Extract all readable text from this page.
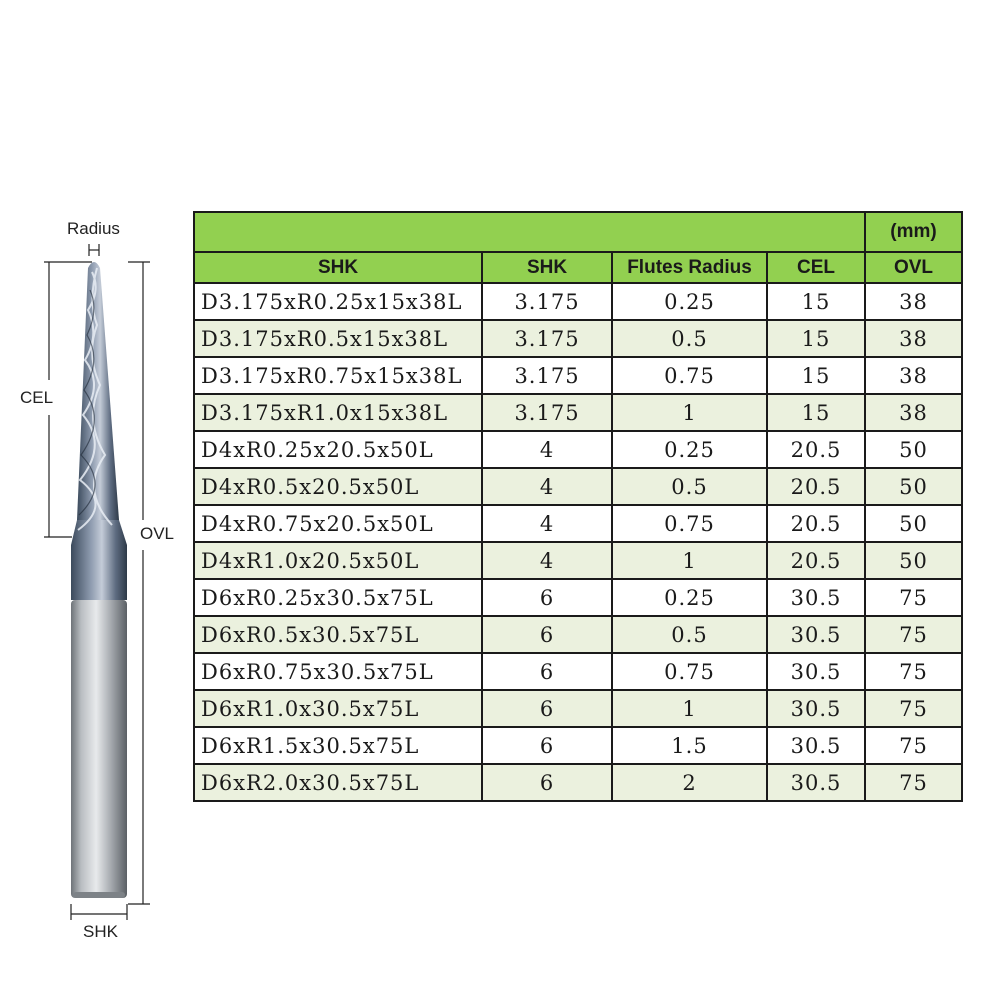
Radius
CEL
OVL
SHK
				(mm)
SHK	SHK	Flutes Radius	CEL	OVL
D3.175xR0.25x15x38L	3.175	0.25	15	38
D3.175xR0.5x15x38L	3.175	0.5	15	38
D3.175xR0.75x15x38L	3.175	0.75	15	38
D3.175xR1.0x15x38L	3.175	1	15	38
D4xR0.25x20.5x50L	4	0.25	20.5	50
D4xR0.5x20.5x50L	4	0.5	20.5	50
D4xR0.75x20.5x50L	4	0.75	20.5	50
D4xR1.0x20.5x50L	4	1	20.5	50
D6xR0.25x30.5x75L	6	0.25	30.5	75
D6xR0.5x30.5x75L	6	0.5	30.5	75
D6xR0.75x30.5x75L	6	0.75	30.5	75
D6xR1.0x30.5x75L	6	1	30.5	75
D6xR1.5x30.5x75L	6	1.5	30.5	75
D6xR2.0x30.5x75L	6	2	30.5	75
